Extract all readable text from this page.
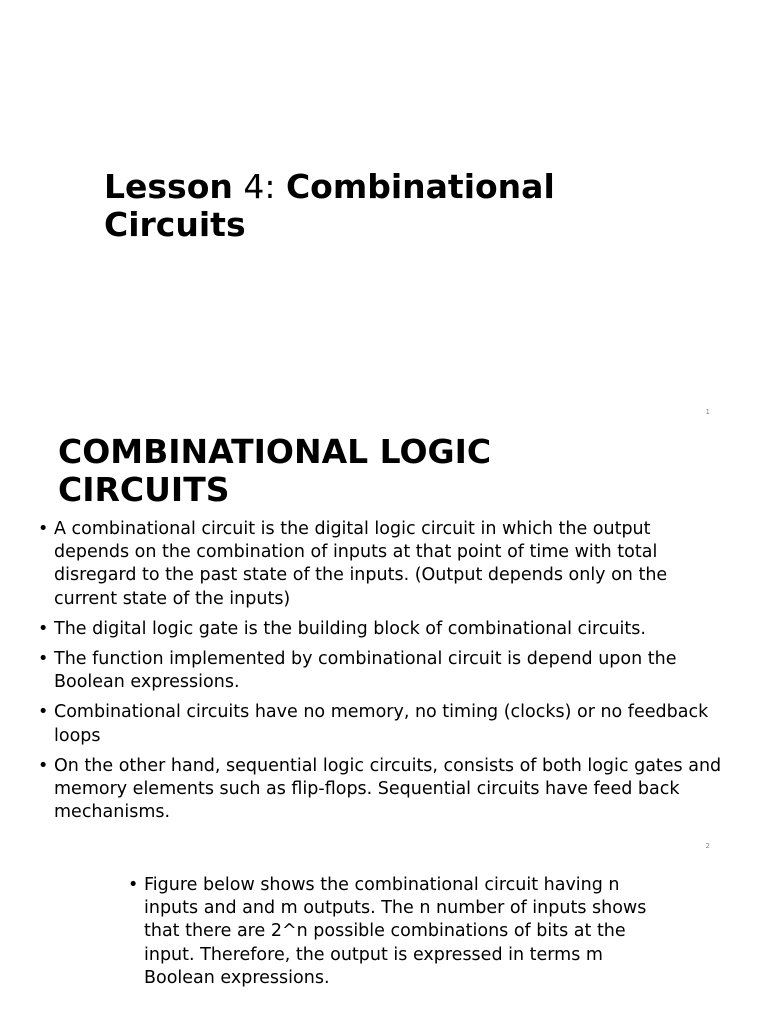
Lesson 4: Combinational Circuits
1
COMBINATIONAL LOGIC CIRCUITS
• A combinational circuit is the digital logic circuit in which the output depends on the combination of inputs at that point of time with total disregard to the past state of the inputs. (Output depends only on the current state of the inputs)
• The digital logic gate is the building block of combinational circuits.
• The function implemented by combinational circuit is depend upon the Boolean expressions.
• Combinational circuits have no memory, no timing (clocks) or no feedback loops
• On the other hand, sequential logic circuits, consists of both logic gates and memory elements such as flip-flops. Sequential circuits have feed back mechanisms.
2
• Figure below shows the combinational circuit having n inputs and and m outputs. The n number of inputs shows that there are 2^n possible combinations of bits at the input. Therefore, the output is expressed in terms m Boolean expressions.
